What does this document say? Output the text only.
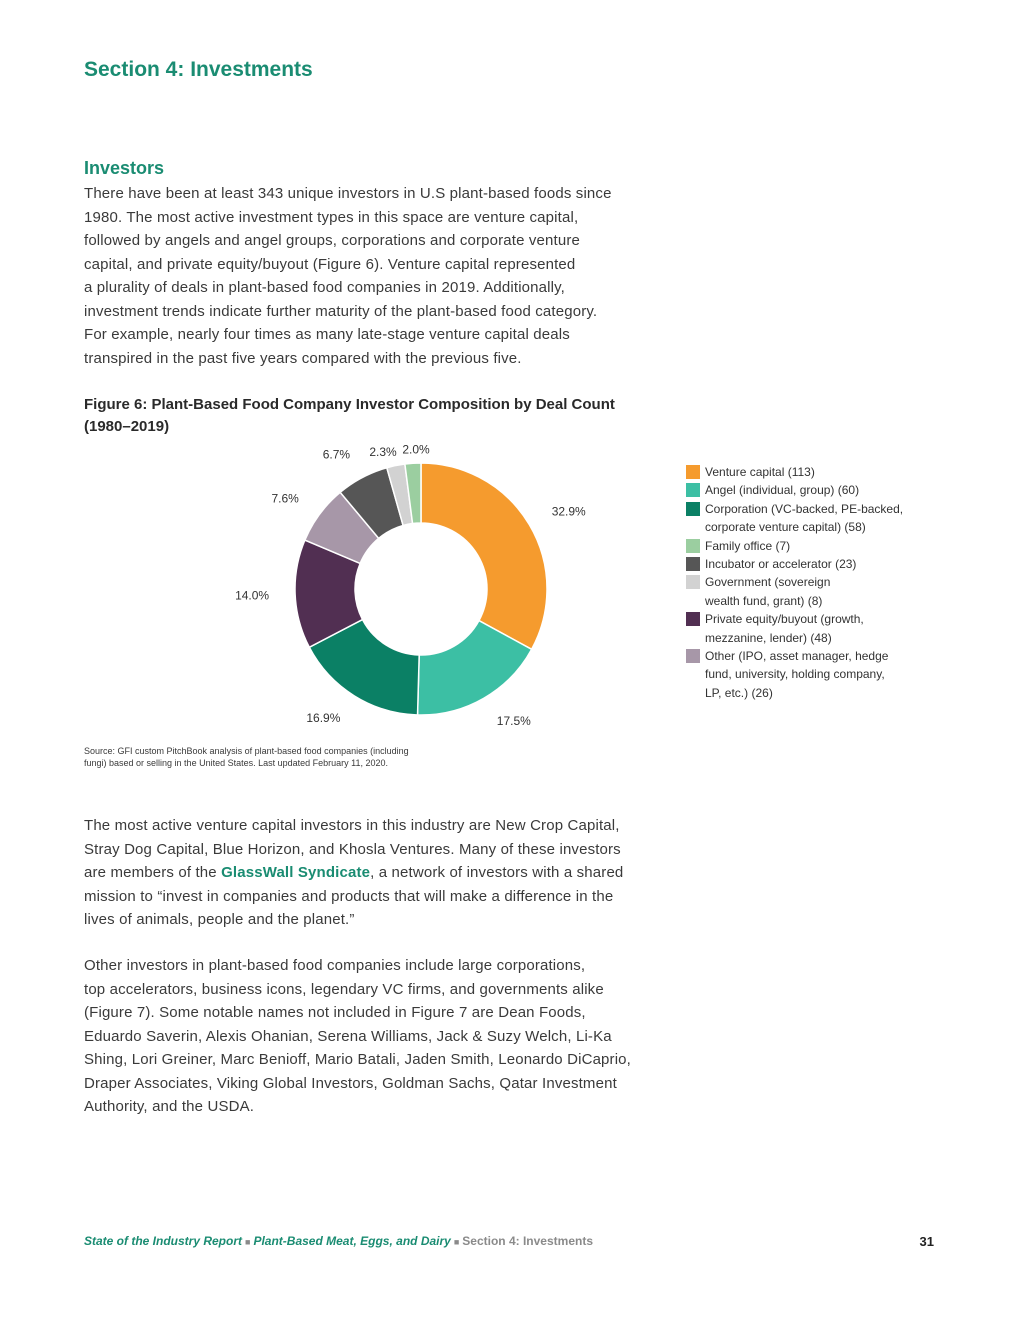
Section 4: Investments
Investors

There have been at least 343 unique investors in U.S plant-based foods since
1980. The most active investment types in this space are venture capital,
followed by angels and angel groups, corporations and corporate venture
capital, and private equity/buyout (Figure 6). Venture capital represented
a plurality of deals in plant-based food companies in 2019. Additionally,
investment trends indicate further maturity of the plant-based food category.
For example, nearly four times as many late-stage venture capital deals
transpired in the past five years compared with the previous five.

Figure 6: Plant-Based Food Company Investor Composition by Deal Count
(1980–2019)

32.9%
17.5%
16.9%
14.0%
7.6%
6.7% 2.3% 2.0%
Venture capital (113)
Angel (individual, group) (60)
Corporation (VC-backed, PE-backed,
corporate venture capital) (58)
Family office (7)
Incubator or accelerator (23)
Government (sovereign
wealth fund, grant) (8)
Private equity/buyout (growth,
mezzanine, lender) (48)
Other (IPO, asset manager, hedge
fund, university, holding company,
LP, etc.) (26)

Source: GFI custom PitchBook analysis of plant-based food companies (including
fungi) based or selling in the United States. Last updated February 11, 2020.

The most active venture capital investors in this industry are New Crop Capital,
Stray Dog Capital, Blue Horizon, and Khosla Ventures. Many of these investors
are members of the GlassWall Syndicate, a network of investors with a shared
mission to “invest in companies and products that will make a difference in the
lives of animals, people and the planet.”

Other investors in plant-based food companies include large corporations,
top accelerators, business icons, legendary VC firms, and governments alike
(Figure 7). Some notable names not included in Figure 7 are Dean Foods,
Eduardo Saverin, Alexis Ohanian, Serena Williams, Jack & Suzy Welch, Li-Ka
Shing, Lori Greiner, Marc Benioff, Mario Batali, Jaden Smith, Leonardo DiCaprio,
Draper Associates, Viking Global Investors, Goldman Sachs, Qatar Investment
Authority, and the USDA.

State of the Industry Report ■ Plant-Based Meat, Eggs, and Dairy ■ Section 4: Investments	31
